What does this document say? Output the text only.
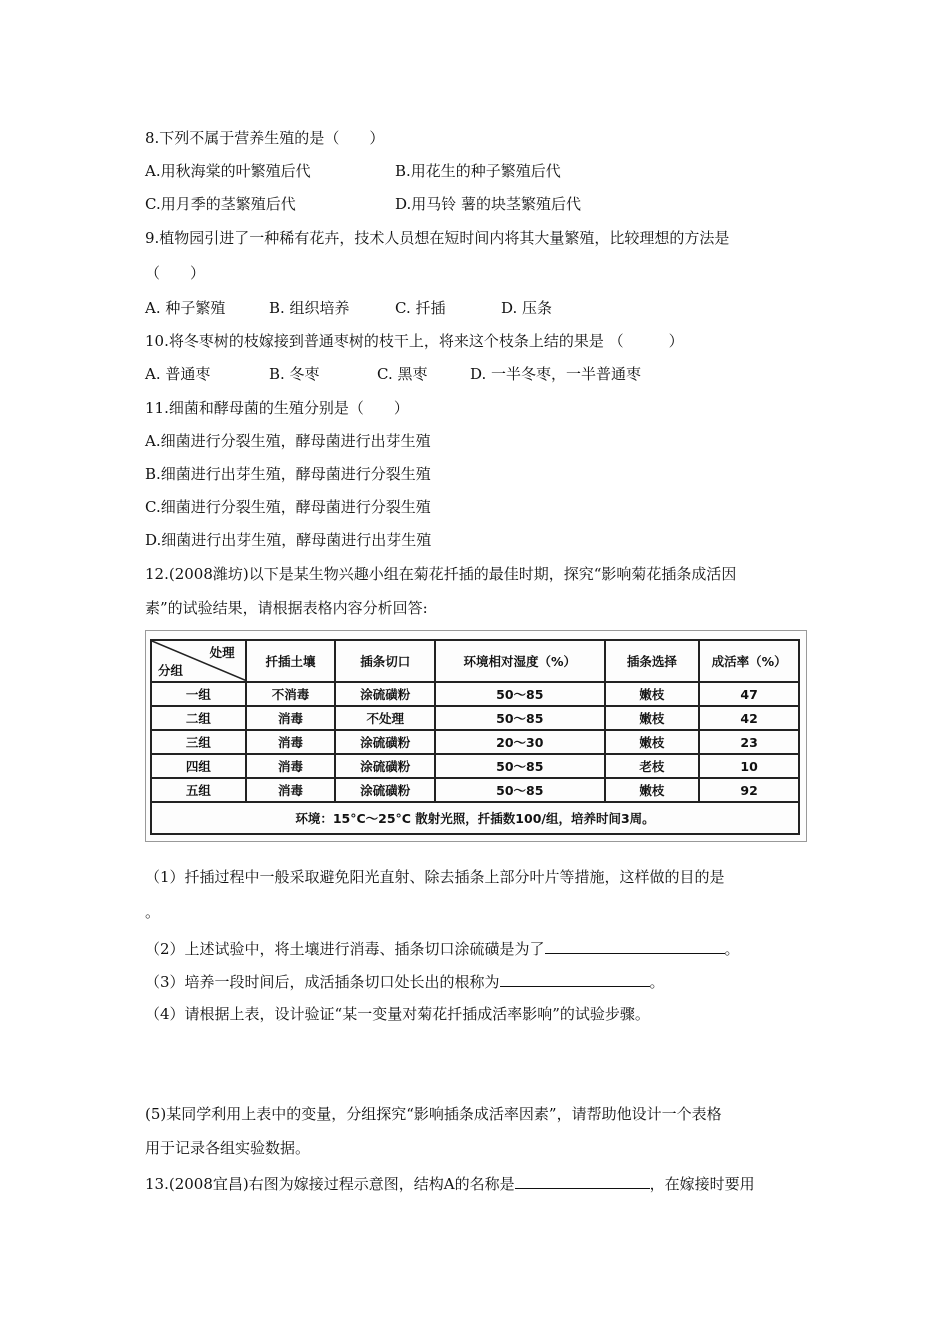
8.下列不属于营养生殖的是（　　）
A.用秋海棠的叶繁殖后代	B.用花生的种子繁殖后代
C.用月季的茎繁殖后代	D.用马铃 薯的块茎繁殖后代
9.植物园引进了一种稀有花卉，技术人员想在短时间内将其大量繁殖，比较理想的方法是
（　　）
A. 种子繁殖	B. 组织培养	C. 扦插	D. 压条
10.将冬枣树的枝嫁接到普通枣树的枝干上，将来这个枝条上结的果是 （　　　）
A. 普通枣	B. 冬枣	C. 黑枣	D. 一半冬枣，一半普通枣
11.细菌和酵母菌的生殖分别是（　　）
A.细菌进行分裂生殖，酵母菌进行出芽生殖
B.细菌进行出芽生殖，酵母菌进行分裂生殖
C.细菌进行分裂生殖，酵母菌进行分裂生殖
D.细菌进行出芽生殖，酵母菌进行出芽生殖
12.(2008潍坊)以下是某生物兴趣小组在菊花扦插的最佳时期，探究“影响菊花插条成活因
素”的试验结果，请根据表格内容分析回答:
处理
分组	扦插土壤	插条切口	环境相对湿度（%）	插条选择	成活率（%）
一组	不消毒	涂硫磺粉	50～85	嫩枝	47
二组	消毒	不处理	50～85	嫩枝	42
三组	消毒	涂硫磺粉	20～30	嫩枝	23
四组	消毒	涂硫磺粉	50～85	老枝	10
五组	消毒	涂硫磺粉	50～85	嫩枝	92
环境：15°C～25°C 散射光照，扦插数100/组，培养时间3周。					
（1）扦插过程中一般采取避免阳光直射、除去插条上部分叶片等措施，这样做的目的是
。
（2）上述试验中，将土壤进行消毒、插条切口涂硫磺是为了	。
（3）培养一段时间后，成活插条切口处长出的根称为	。
（4）请根据上表，设计验证“某一变量对菊花扦插成活率影响”的试验步骤。
(5)某同学利用上表中的变量，分组探究“影响插条成活率因素”，请帮助他设计一个表格
用于记录各组实验数据。
13.(2008宜昌)右图为嫁接过程示意图，结构A的名称是	，在嫁接时要用
